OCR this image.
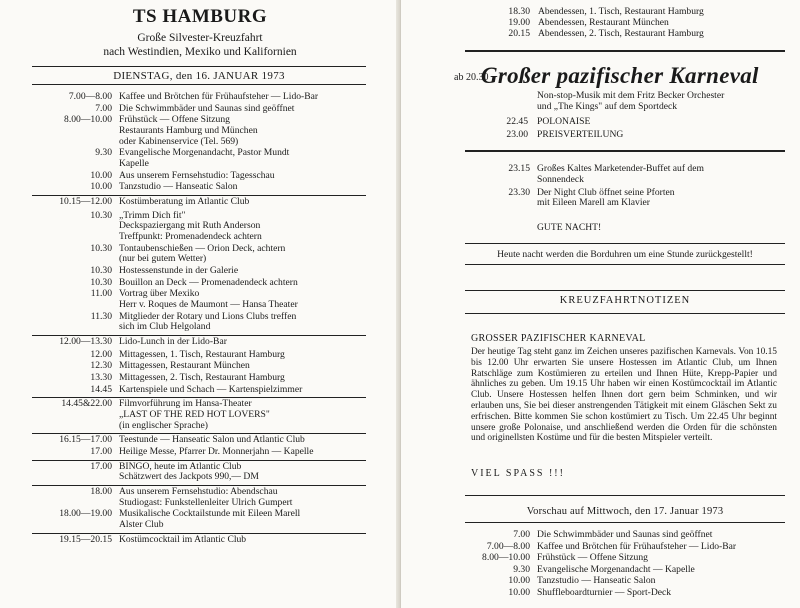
TS HAMBURG
Große Silvester-Kreuzfahrt
nach Westindien, Mexiko und Kalifornien
DIENSTAG, den 16. JANUAR 1973
7.00—8.00 Kaffee und Brötchen für Frühaufsteher — Lido-Bar
7.00 Die Schwimmbäder und Saunas sind geöffnet
8.00—10.00 Frühstück — Offene Sitzung
Restaurants Hamburg und München
oder Kabinenservice (Tel. 569)
9.30 Evangelische Morgenandacht, Pastor Mundt
Kapelle
10.00 Aus unserem Fernsehstudio: Tagesschau
10.00 Tanzstudio — Hanseatic Salon
10.15—12.00 Kostümberatung im Atlantic Club
10.30 „Trimm Dich fit"
Deckspaziergang mit Ruth Anderson
Treffpunkt: Promenadendeck achtern
10.30 Tontaubenschießen — Orion Deck, achtern
(nur bei gutem Wetter)
10.30 Hostessenstunde in der Galerie
10.30 Bouillon an Deck — Promenadendeck achtern
11.00 Vortrag über Mexiko
Herr v. Roques de Maumont — Hansa Theater
11.30 Mitglieder der Rotary und Lions Clubs treffen
sich im Club Helgoland
12.00—13.30 Lido-Lunch in der Lido-Bar
12.00 Mittagessen, 1. Tisch, Restaurant Hamburg
12.30 Mittagessen, Restaurant München
13.30 Mittagessen, 2. Tisch, Restaurant Hamburg
14.45 Kartenspiele und Schach — Kartenspielzimmer
14.45&22.00 Filmvorführung im Hansa-Theater
„LAST OF THE RED HOT LOVERS"
(in englischer Sprache)
16.15—17.00 Teestunde — Hanseatic Salon und Atlantic Club
17.00 Heilige Messe, Pfarrer Dr. Monnerjahn — Kapelle
17.00 BINGO, heute im Atlantic Club
Schätzwert des Jackpots 990,— DM
18.00 Aus unserem Fernsehstudio: Abendschau
Studiogast: Funkstellenleiter Ulrich Gumpert
18.00—19.00 Musikalische Cocktailstunde mit Eileen Marell
Alster Club
19.15—20.15 Kostümcocktail im Atlantic Club
18.30 Abendessen, 1. Tisch, Restaurant Hamburg
19.00 Abendessen, Restaurant München
20.15 Abendessen, 2. Tisch, Restaurant Hamburg
ab 20.30
Großer pazifischer Karneval
Non-stop-Musik mit dem Fritz Becker Orchester
und „The Kings" auf dem Sportdeck
22.45 POLONAISE
23.00 PREISVERTEILUNG
23.15 Großes Kaltes Marketender-Buffet auf dem
Sonnendeck
23.30 Der Night Club öffnet seine Pforten
mit Eileen Marell am Klavier
GUTE NACHT!
Heute nacht werden die Borduhren um eine Stunde zurückgestellt!
KREUZFAHRTNOTIZEN
GROSSER PAZIFISCHER KARNEVAL
Der heutige Tag steht ganz im Zeichen unseres pazifischen Karnevals. Von 10.15 bis 12.00 Uhr erwarten Sie unsere Hostessen im Atlantic Club, um Ihnen Ratschläge zum Kostümieren zu erteilen und Ihnen Hüte, Krepp-Papier und ähnliches zu geben. Um 19.15 Uhr haben wir einen Kostümcocktail im Atlantic Club. Unsere Hostessen helfen Ihnen dort gern beim Schminken, und wir erlauben uns, Sie bei dieser anstrengenden Tätigkeit mit einem Gläschen Sekt zu erfrischen. Bitte kommen Sie schon kostümiert zu Tisch. Um 22.45 Uhr beginnt unsere große Polonaise, und anschließend werden die Orden für die schönsten und originellsten Kostüme und für die besten Mitspieler verteilt.
VIEL SPASS !!!
Vorschau auf Mittwoch, den 17. Januar 1973
7.00 Die Schwimmbäder und Saunas sind geöffnet
7.00—8.00 Kaffee und Brötchen für Frühaufsteher — Lido-Bar
8.00—10.00 Frühstück — Offene Sitzung
9.30 Evangelische Morgenandacht — Kapelle
10.00 Tanzstudio — Hanseatic Salon
10.00 Shuffleboardturnier — Sport-Deck
